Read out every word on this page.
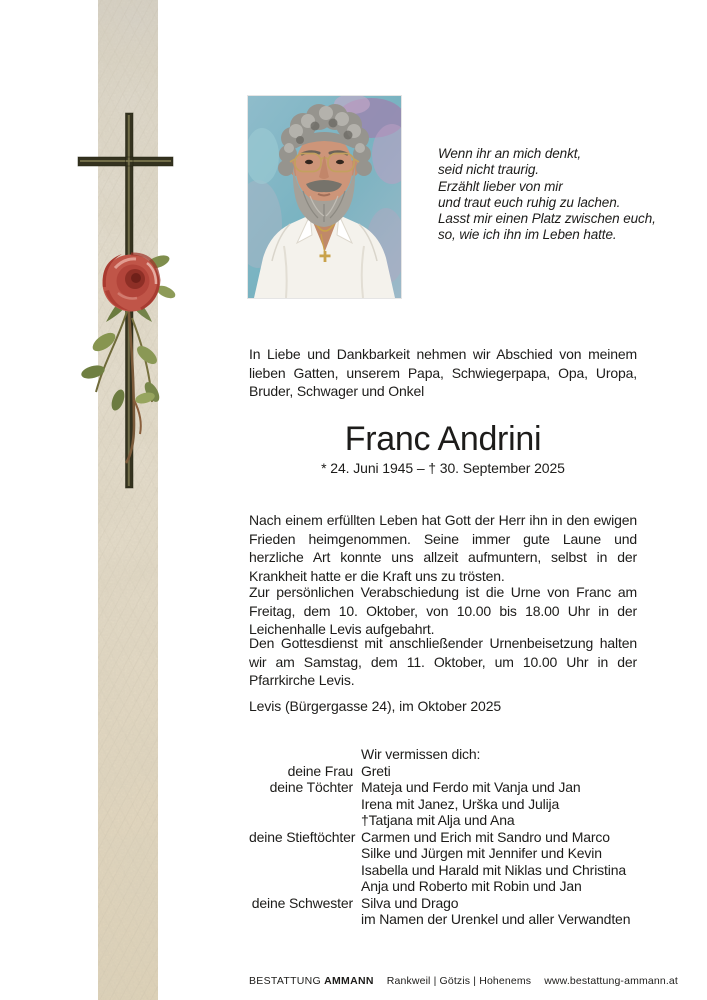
Wenn ihr an mich denkt,
seid nicht traurig.
Erzählt lieber von mir
und traut euch ruhig zu lachen.
Lasst mir einen Platz zwischen euch,
so, wie ich ihn im Leben hatte.
In Liebe und Dankbarkeit nehmen wir Abschied von meinem lieben Gatten, unserem Papa, Schwiegerpapa, Opa, Uropa, Bruder, Schwager und Onkel
Franc Andrini
* 24. Juni 1945 – † 30. September 2025

Nach einem erfüllten Leben hat Gott der Herr ihn in den ewigen Frieden heimgenommen. Seine immer gute Laune und herzliche Art konnte uns allzeit aufmuntern, selbst in der Krankheit hatte er die Kraft uns zu trösten.

Zur persönlichen Verabschiedung ist die Urne von Franc am Freitag, dem 10. Oktober, von 10.00 bis 18.00 Uhr in der Leichenhalle Levis aufgebahrt.

Den Gottesdienst mit anschließender Urnenbeisetzung halten wir am Samstag, dem 11. Oktober, um 10.00 Uhr in der Pfarrkirche Levis.

Levis (Bürgergasse 24), im Oktober 2025
Wir vermissen dich:
deine Frau Greti
deine Töchter Mateja und Ferdo mit Vanja und Jan
Irena mit Janez, Urška und Julija
†Tatjana mit Alja und Ana
deine Stieftöchter Carmen und Erich mit Sandro und Marco
Silke und Jürgen mit Jennifer und Kevin
Isabella und Harald mit Niklas und Christina
Anja und Roberto mit Robin und Jan
deine Schwester Silva und Drago
im Namen der Urenkel und aller Verwandten
BESTATTUNG AMMANN Rankweil | Götzis | Hohenems www.bestattung-ammann.at
